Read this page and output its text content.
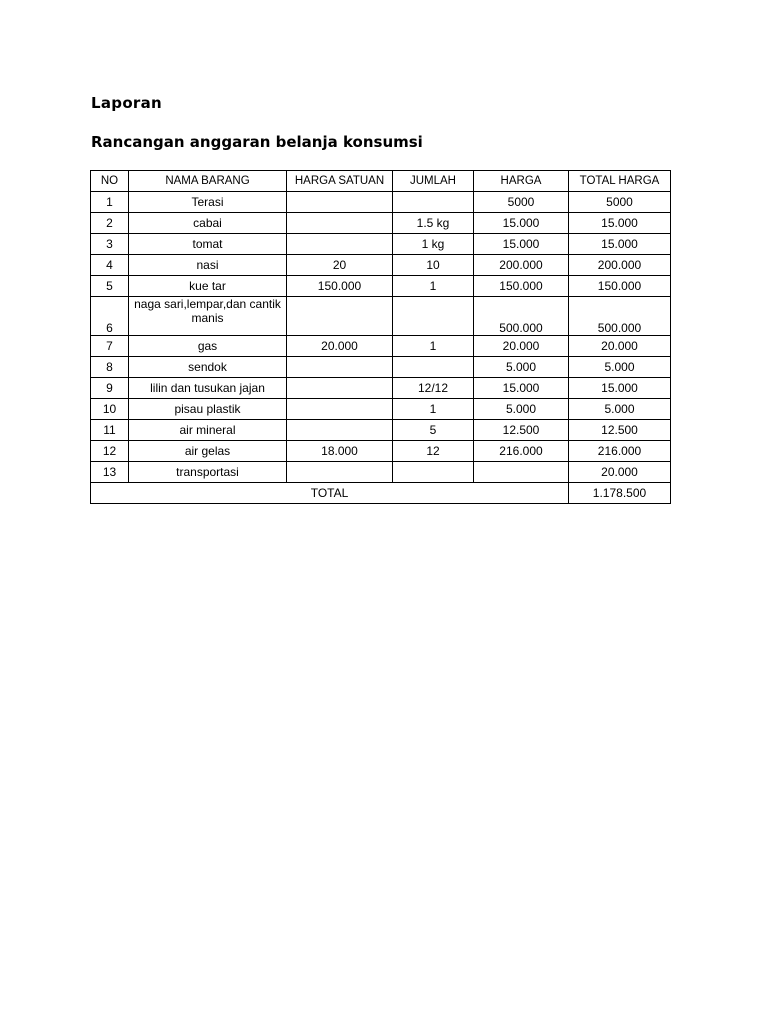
Laporan
Rancangan anggaran belanja konsumsi
NO	NAMA BARANG	HARGA SATUAN	JUMLAH	HARGA	TOTAL HARGA
1	Terasi			5000	5000
2	cabai		1.5 kg	15.000	15.000
3	tomat		1 kg	15.000	15.000
4	nasi	20	10	200.000	200.000
5	kue tar	150.000	1	150.000	150.000
6	naga sari,lempar,dan cantik manis			500.000	500.000
7	gas	20.000	1	20.000	20.000
8	sendok			5.000	5.000
9	lilin dan tusukan jajan		12/12	15.000	15.000
10	pisau plastik		1	5.000	5.000
11	air mineral		5	12.500	12.500
12	air gelas	18.000	12	216.000	216.000
13	transportasi				20.000
TOTAL					1.178.500
